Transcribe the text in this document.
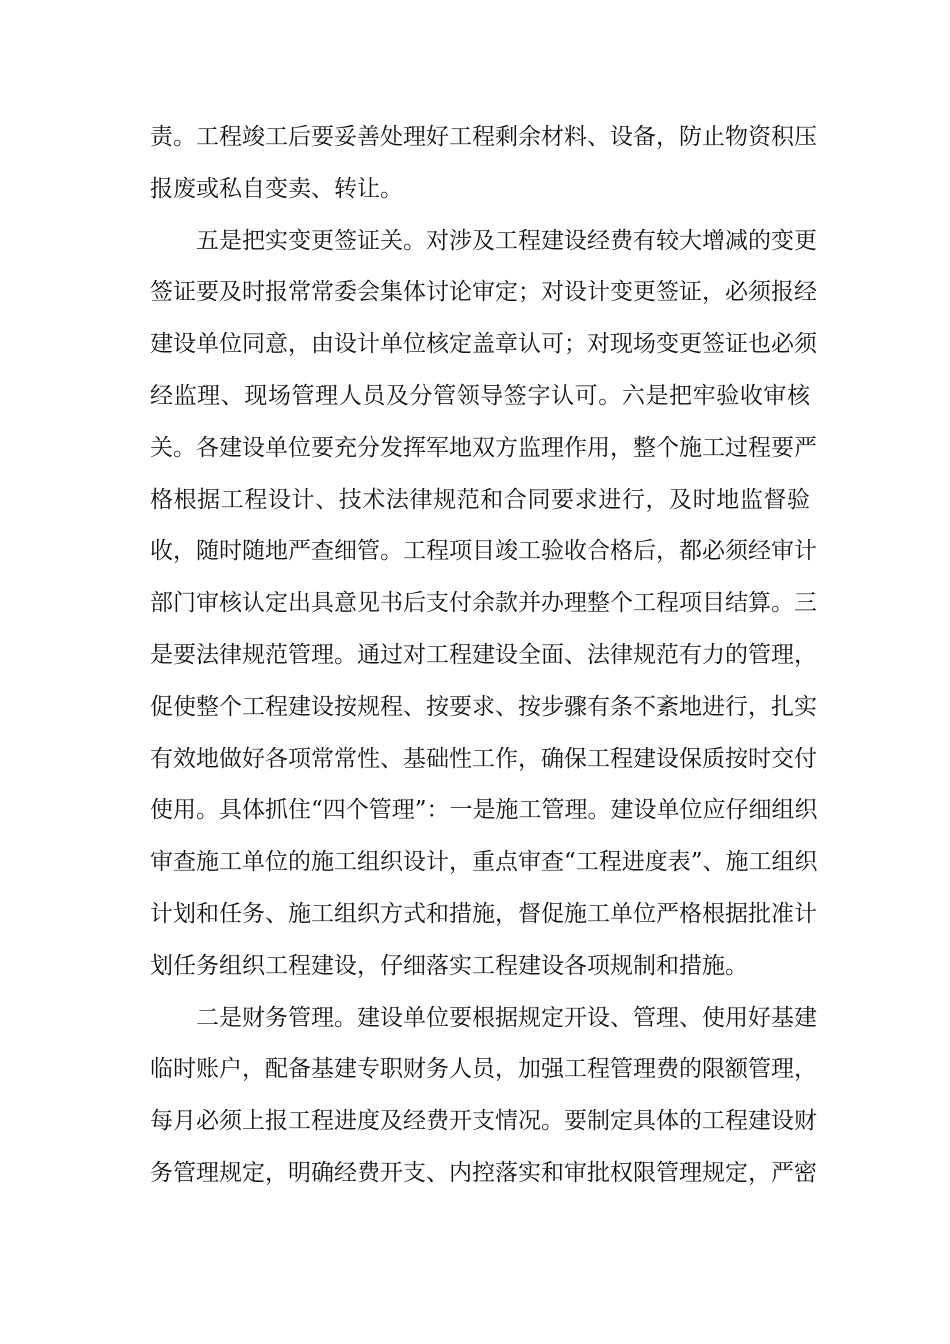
责。工程竣工后要妥善处理好工程剩余材料、设备，防止物资积压
报废或私自变卖、转让。
五是把实变更签证关。对涉及工程建设经费有较大增减的变更
签证要及时报常常委会集体讨论审定；对设计变更签证，必须报经
建设单位同意，由设计单位核定盖章认可；对现场变更签证也必须
经监理、现场管理人员及分管领导签字认可。六是把牢验收审核
关。各建设单位要充分发挥军地双方监理作用，整个施工过程要严
格根据工程设计、技术法律规范和合同要求进行，及时地监督验
收，随时随地严查细管。工程项目竣工验收合格后，都必须经审计
部门审核认定出具意见书后支付余款并办理整个工程项目结算。三
是要法律规范管理。通过对工程建设全面、法律规范有力的管理，
促使整个工程建设按规程、按要求、按步骤有条不紊地进行，扎实
有效地做好各项常常性、基础性工作，确保工程建设保质按时交付
使用。具体抓住“四个管理”：一是施工管理。建设单位应仔细组织
审查施工单位的施工组织设计，重点审查“工程进度表”、施工组织
计划和任务、施工组织方式和措施，督促施工单位严格根据批准计
划任务组织工程建设，仔细落实工程建设各项规制和措施。
二是财务管理。建设单位要根据规定开设、管理、使用好基建
临时账户，配备基建专职财务人员，加强工程管理费的限额管理，
每月必须上报工程进度及经费开支情况。要制定具体的工程建设财
务管理规定，明确经费开支、内控落实和审批权限管理规定，严密
